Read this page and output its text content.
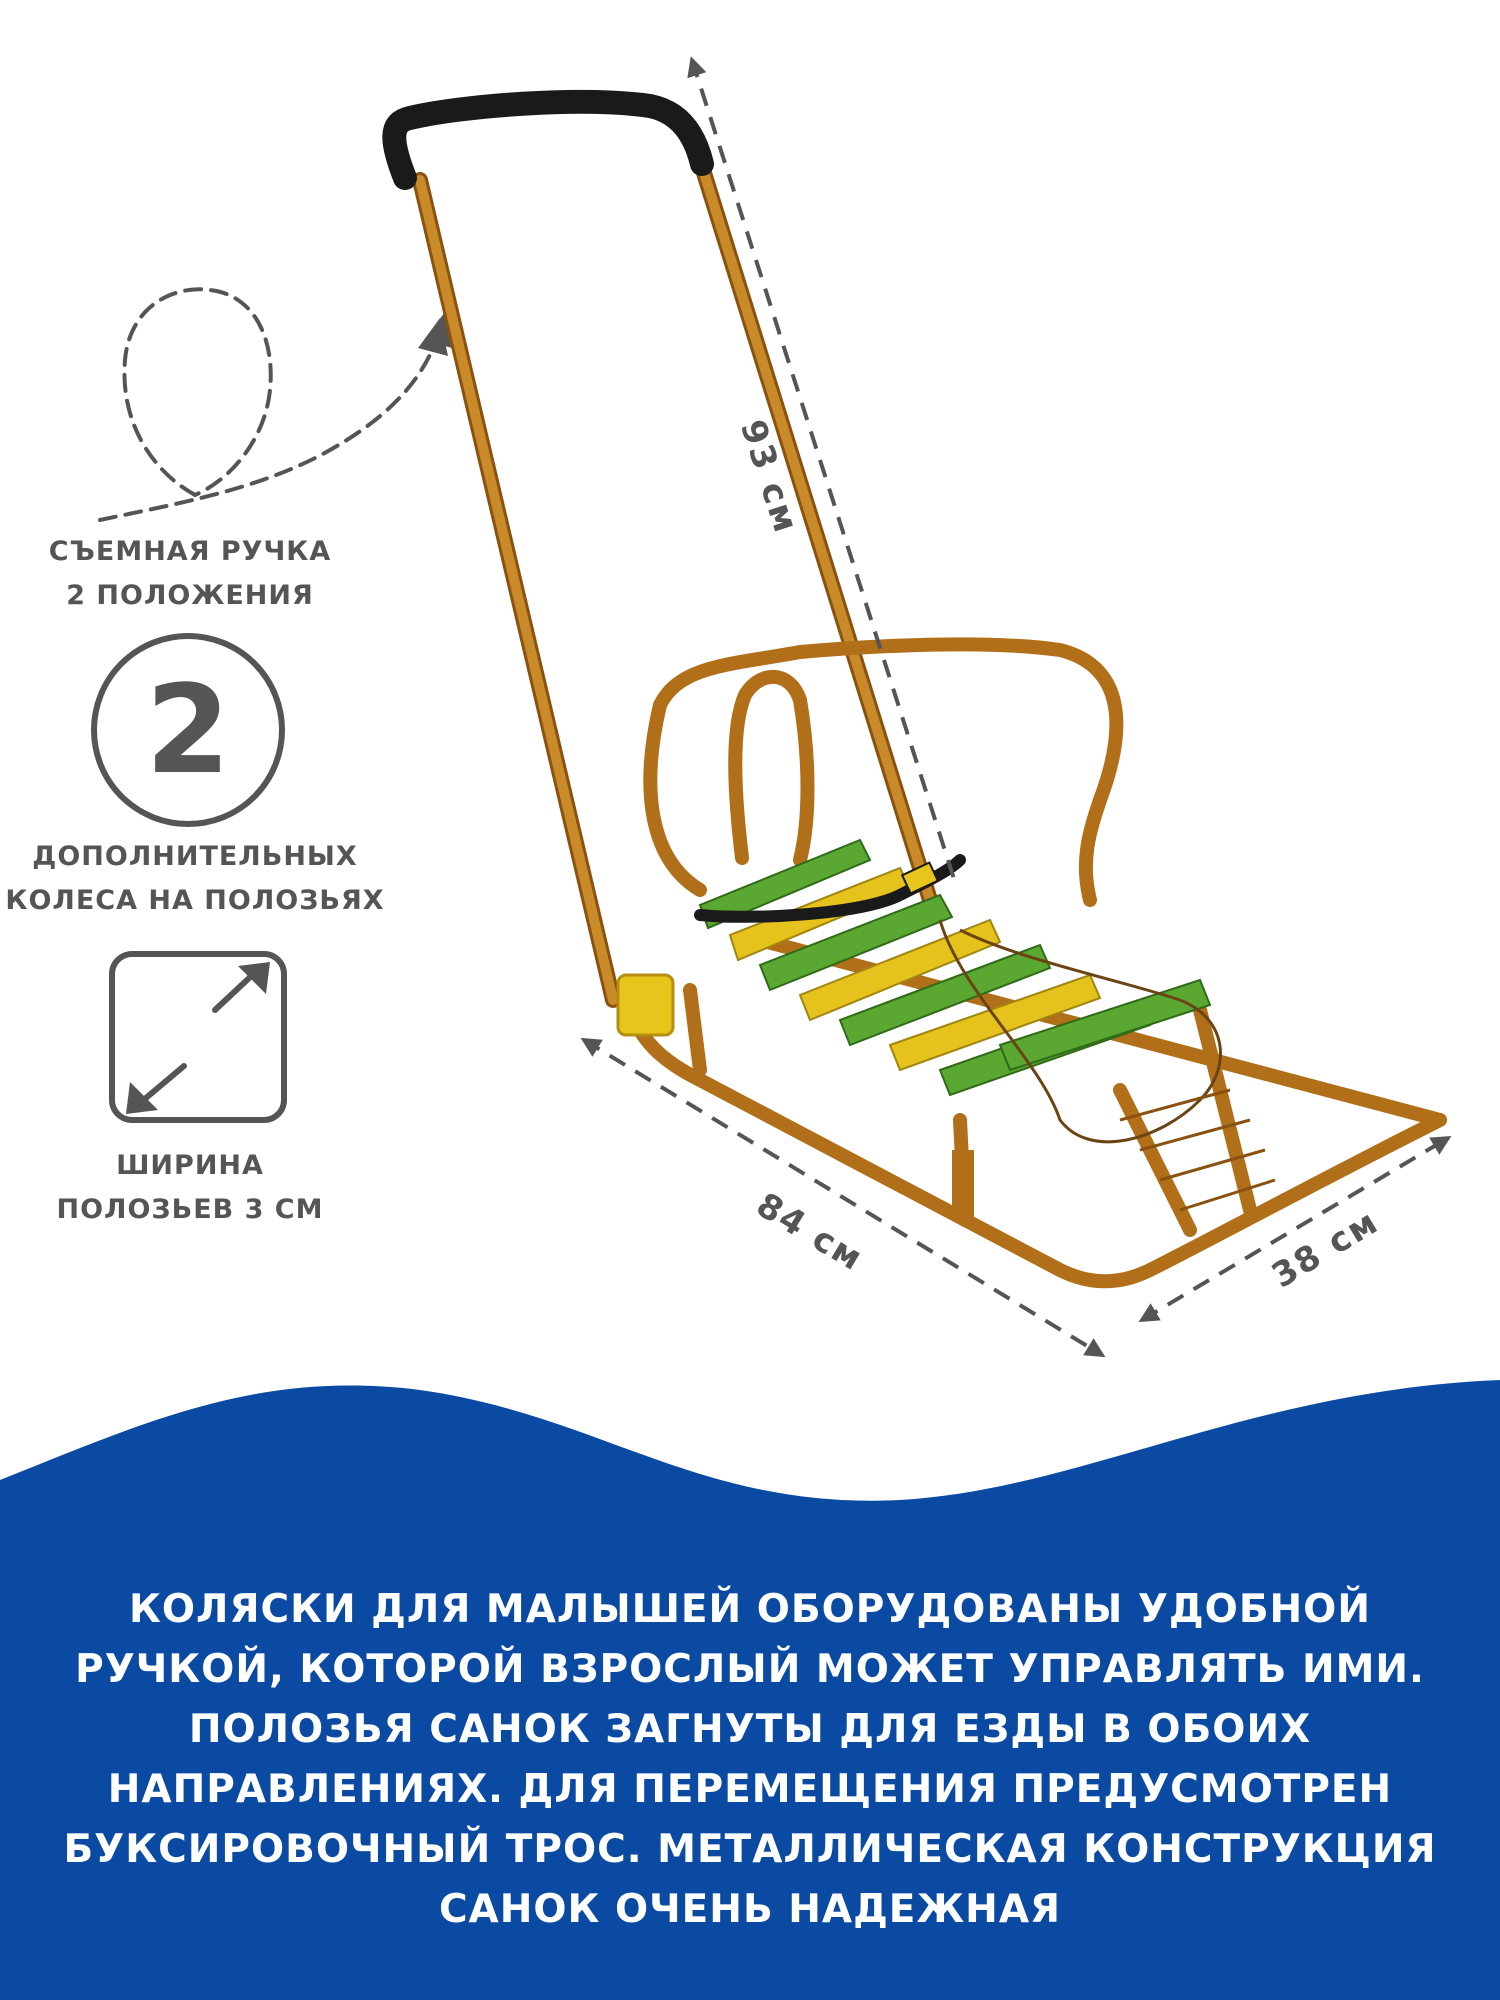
2
СЪЕМНАЯ РУЧКА
2 ПОЛОЖЕНИЯ
ДОПОЛНИТЕЛЬНЫХ
КОЛЕСА НА ПОЛОЗЬЯХ
ШИРИНА
ПОЛОЗЬЕВ 3 СМ
93 см
84 см	38 см
КОЛЯСКИ ДЛЯ МАЛЫШЕЙ ОБОРУДОВАНЫ УДОБНОЙ
РУЧКОЙ, КОТОРОЙ ВЗРОСЛЫЙ МОЖЕТ УПРАВЛЯТЬ ИМИ.
ПОЛОЗЬЯ САНОК ЗАГНУТЫ ДЛЯ ЕЗДЫ В ОБОИХ
НАПРАВЛЕНИЯХ. ДЛЯ ПЕРЕМЕЩЕНИЯ ПРЕДУСМОТРЕН
БУКСИРОВОЧНЫЙ ТРОС. МЕТАЛЛИЧЕСКАЯ КОНСТРУКЦИЯ
САНОК ОЧЕНЬ НАДЕЖНАЯ
